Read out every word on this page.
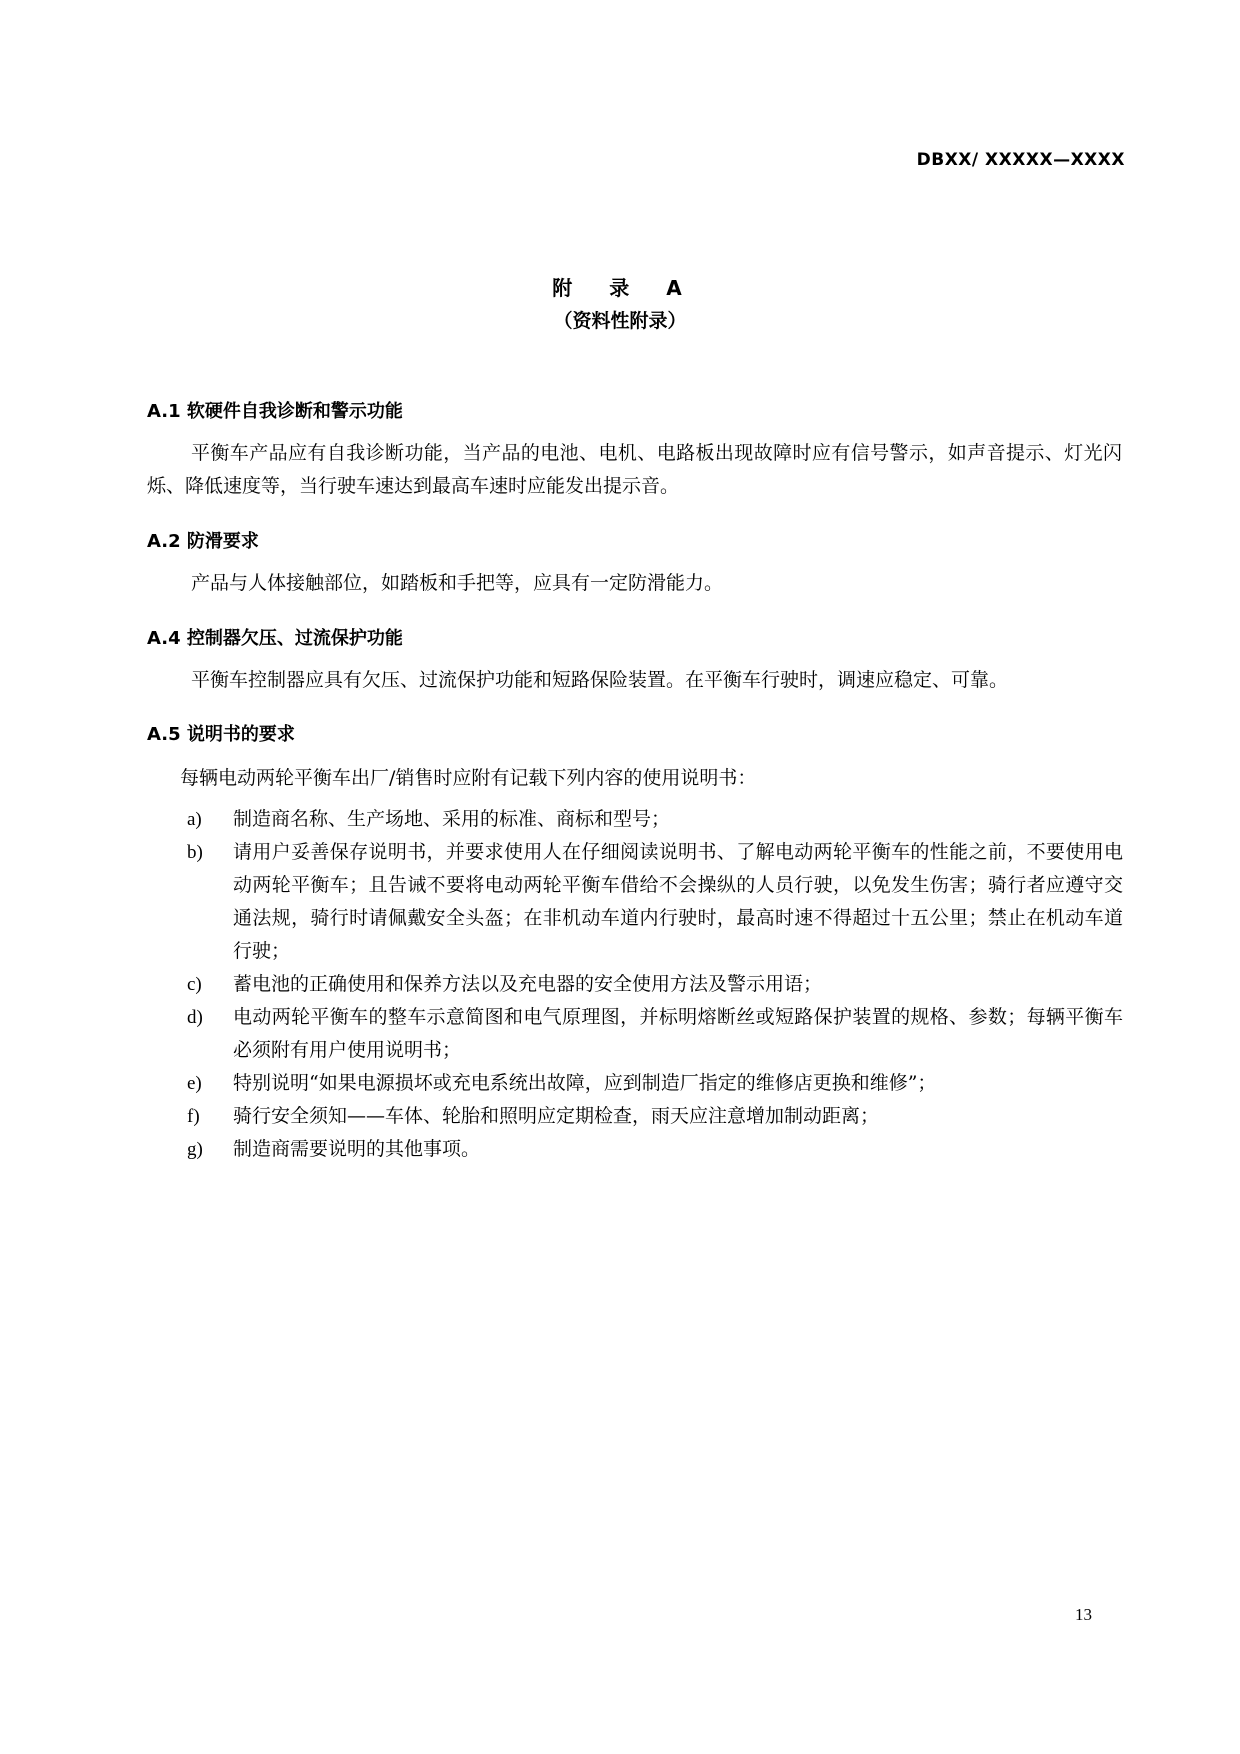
DBXX/ XXXXX—XXXX
附 录 A
（资料性附录）
A.1 软硬件自我诊断和警示功能
平衡车产品应有自我诊断功能，当产品的电池、电机、电路板出现故障时应有信号警示，如声音提示、灯光闪烁、降低速度等，当行驶车速达到最高车速时应能发出提示音。
A.2 防滑要求
产品与人体接触部位，如踏板和手把等，应具有一定防滑能力。
A.4 控制器欠压、过流保护功能
平衡车控制器应具有欠压、过流保护功能和短路保险装置。在平衡车行驶时，调速应稳定、可靠。
A.5 说明书的要求
每辆电动两轮平衡车出厂/销售时应附有记载下列内容的使用说明书：
a) 制造商名称、生产场地、采用的标准、商标和型号；
b) 请用户妥善保存说明书，并要求使用人在仔细阅读说明书、了解电动两轮平衡车的性能之前，不要使用电动两轮平衡车；且告诫不要将电动两轮平衡车借给不会操纵的人员行驶，以免发生伤害；骑行者应遵守交通法规，骑行时请佩戴安全头盔；在非机动车道内行驶时，最高时速不得超过十五公里；禁止在机动车道行驶；
c) 蓄电池的正确使用和保养方法以及充电器的安全使用方法及警示用语；
d) 电动两轮平衡车的整车示意简图和电气原理图，并标明熔断丝或短路保护装置的规格、参数；每辆平衡车必须附有用户使用说明书；
e) 特别说明“如果电源损坏或充电系统出故障，应到制造厂指定的维修店更换和维修”；
f) 骑行安全须知——车体、轮胎和照明应定期检查，雨天应注意增加制动距离；
g) 制造商需要说明的其他事项。
13
